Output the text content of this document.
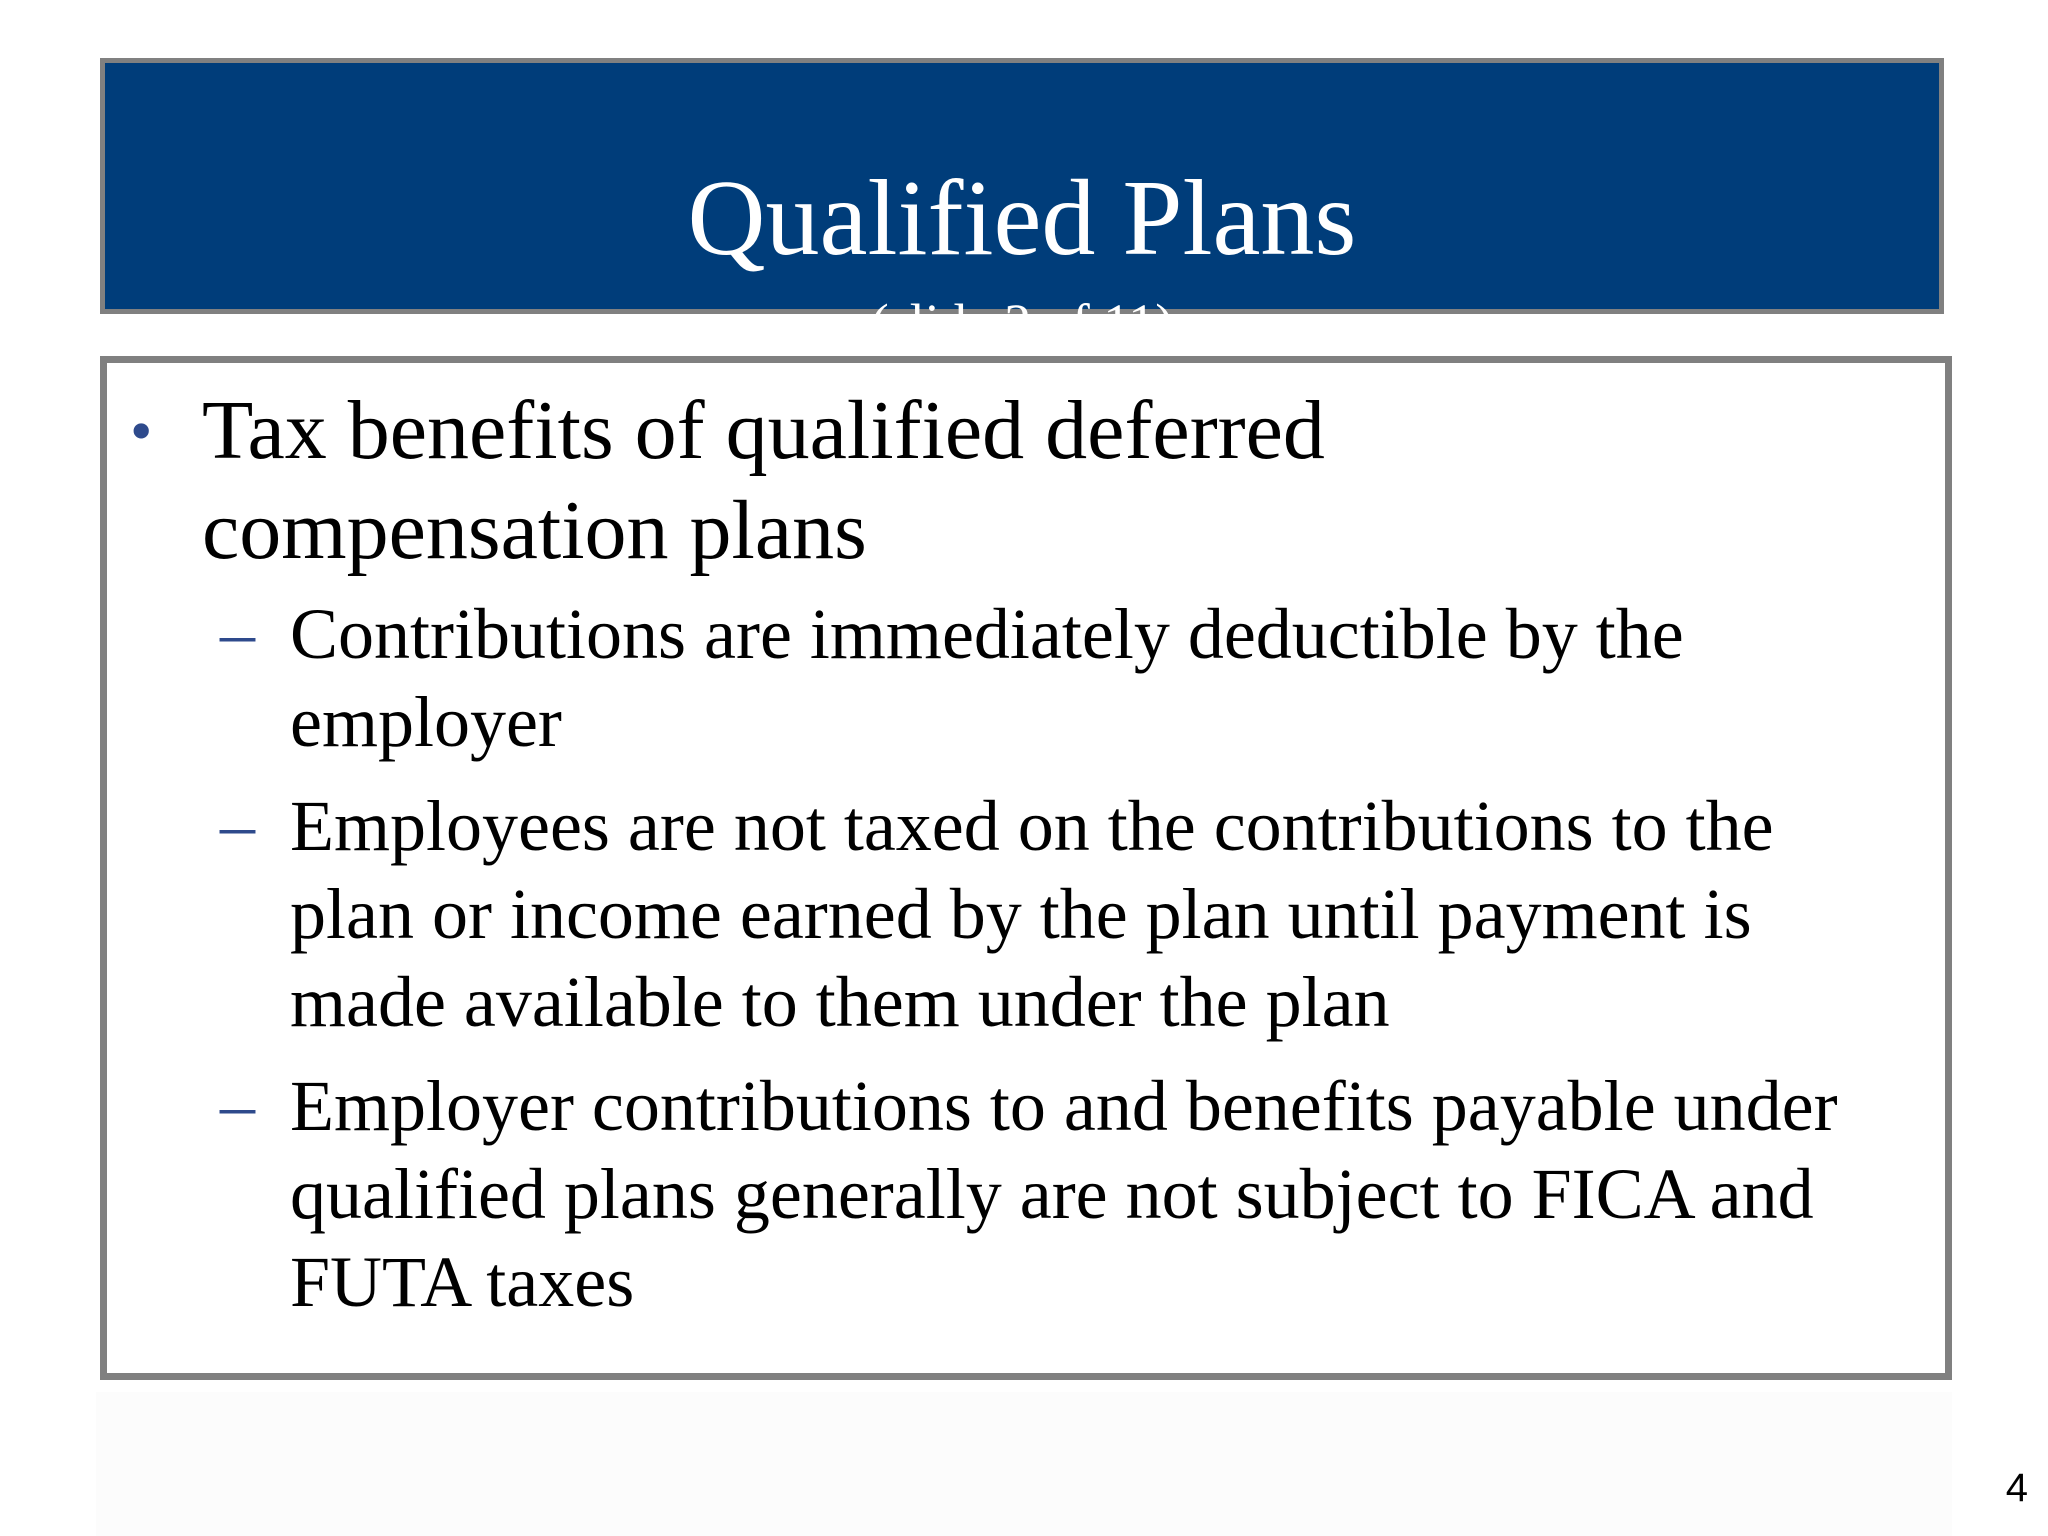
Qualified Plans

(slide 2 of 11)

• Tax benefits of qualified deferred compensation plans

– Contributions are immediately deductible by the employer

– Employees are not taxed on the contributions to the plan or income earned by the plan until payment is made available to them under the plan

– Employer contributions to and benefits payable under qualified plans generally are not subject to FICA and FUTA taxes

4
